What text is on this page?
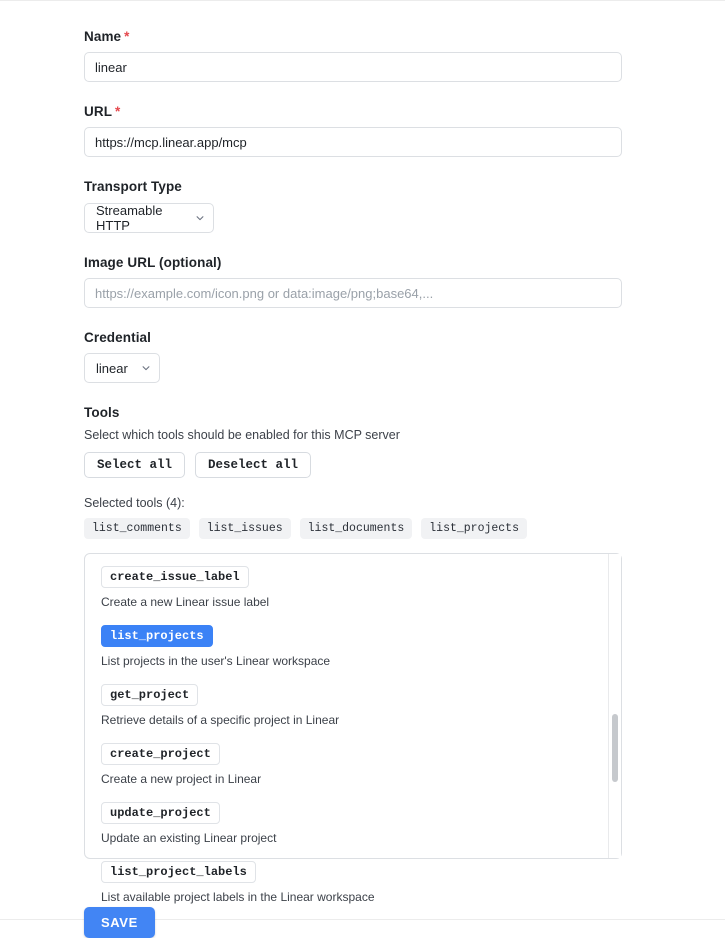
Name *
linear
URL *
https://mcp.linear.app/mcp
Transport Type
Streamable HTTP
Image URL (optional)
https://example.com/icon.png or data:image/png;base64,...
Credential
linear
Tools
Select which tools should be enabled for this MCP server
Select all	Deselect all
Selected tools (4):
list_comments	list_issues	list_documents	list_projects
create_issue_label
Create a new Linear issue label
list_projects
List projects in the user's Linear workspace
get_project
Retrieve details of a specific project in Linear
create_project
Create a new project in Linear
update_project
Update an existing Linear project
list_project_labels
List available project labels in the Linear workspace
SAVE
